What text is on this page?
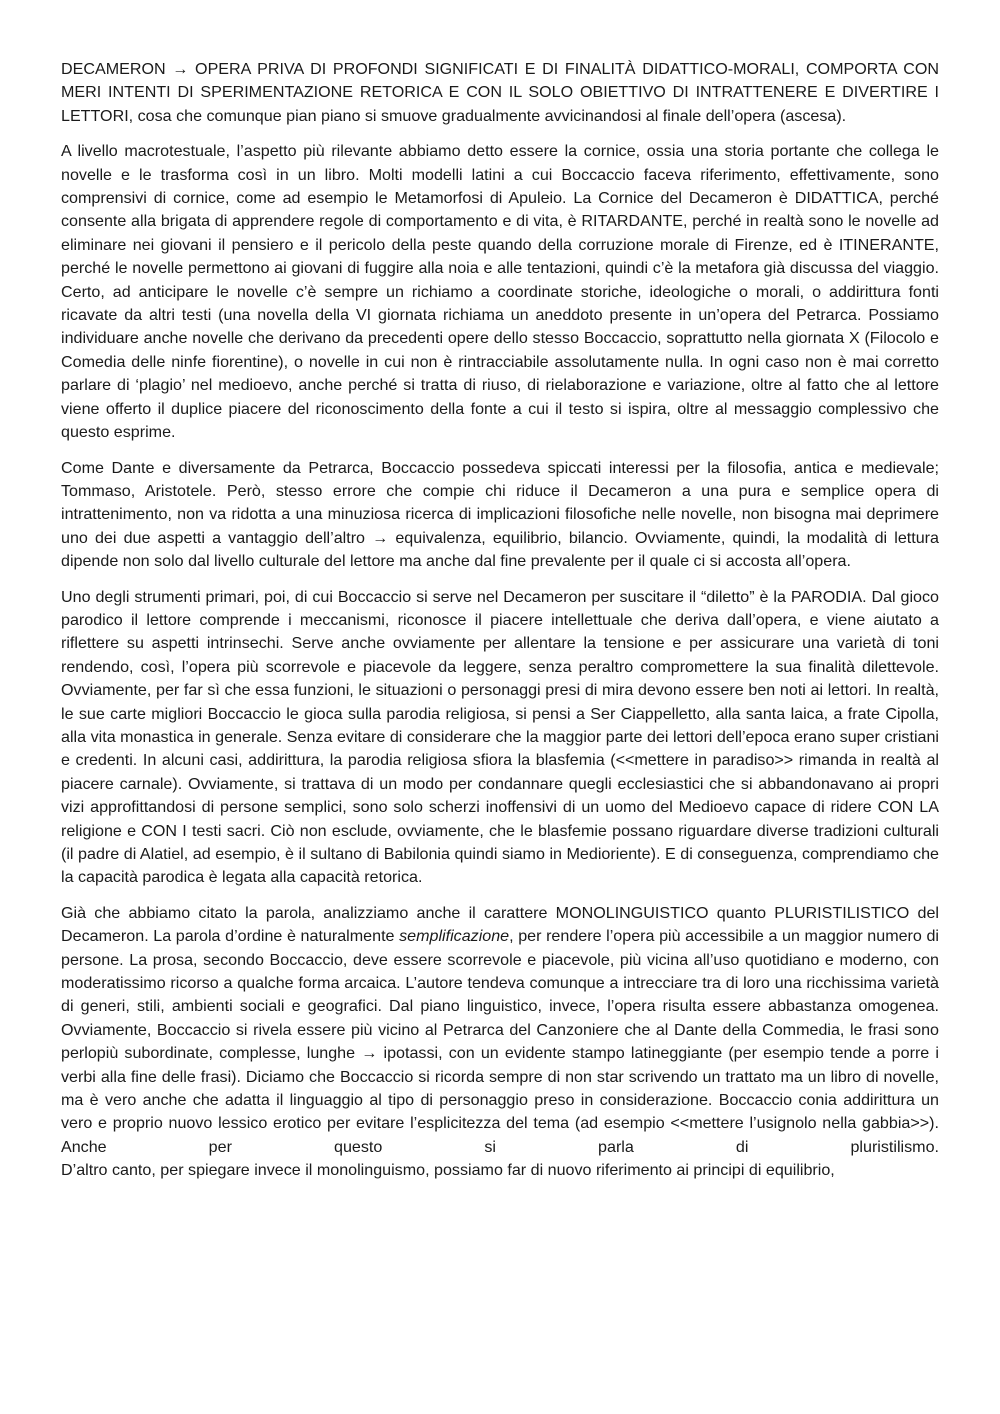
DECAMERON → OPERA PRIVA DI PROFONDI SIGNIFICATI E DI FINALITÀ DIDATTICO-MORALI, COMPORTA CON MERI INTENTI DI SPERIMENTAZIONE RETORICA E CON IL SOLO OBIETTIVO DI INTRATTENERE E DIVERTIRE I LETTORI, cosa che comunque pian piano si smuove gradualmente avvicinandosi al finale dell’opera (ascesa).

A livello macrotestuale, l’aspetto più rilevante abbiamo detto essere la cornice, ossia una storia portante che collega le novelle e le trasforma così in un libro. Molti modelli latini a cui Boccaccio faceva riferimento, effettivamente, sono comprensivi di cornice, come ad esempio le Metamorfosi di Apuleio. La Cornice del Decameron è DIDATTICA, perché consente alla brigata di apprendere regole di comportamento e di vita, è RITARDANTE, perché in realtà sono le novelle ad eliminare nei giovani il pensiero e il pericolo della peste quando della corruzione morale di Firenze, ed è ITINERANTE, perché le novelle permettono ai giovani di fuggire alla noia e alle tentazioni, quindi c’è la metafora già discussa del viaggio. Certo, ad anticipare le novelle c’è sempre un richiamo a coordinate storiche, ideologiche o morali, o addirittura fonti ricavate da altri testi (una novella della VI giornata richiama un aneddoto presente in un’opera del Petrarca. Possiamo individuare anche novelle che derivano da precedenti opere dello stesso Boccaccio, soprattutto nella giornata X (Filocolo e Comedia delle ninfe fiorentine), o novelle in cui non è rintracciabile assolutamente nulla. In ogni caso non è mai corretto parlare di ‘plagio’ nel medioevo, anche perché si tratta di riuso, di rielaborazione e variazione, oltre al fatto che al lettore viene offerto il duplice piacere del riconoscimento della fonte a cui il testo si ispira, oltre al messaggio complessivo che questo esprime.

Come Dante e diversamente da Petrarca, Boccaccio possedeva spiccati interessi per la filosofia, antica e medievale; Tommaso, Aristotele. Però, stesso errore che compie chi riduce il Decameron a una pura e semplice opera di intrattenimento, non va ridotta a una minuziosa ricerca di implicazioni filosofiche nelle novelle, non bisogna mai deprimere uno dei due aspetti a vantaggio dell’altro → equivalenza, equilibrio, bilancio. Ovviamente, quindi, la modalità di lettura dipende non solo dal livello culturale del lettore ma anche dal fine prevalente per il quale ci si accosta all’opera.

Uno degli strumenti primari, poi, di cui Boccaccio si serve nel Decameron per suscitare il “diletto” è la PARODIA. Dal gioco parodico il lettore comprende i meccanismi, riconosce il piacere intellettuale che deriva dall’opera, e viene aiutato a riflettere su aspetti intrinsechi. Serve anche ovviamente per allentare la tensione e per assicurare una varietà di toni rendendo, così, l’opera più scorrevole e piacevole da leggere, senza peraltro compromettere la sua finalità dilettevole. Ovviamente, per far sì che essa funzioni, le situazioni o personaggi presi di mira devono essere ben noti ai lettori. In realtà, le sue carte migliori Boccaccio le gioca sulla parodia religiosa, si pensi a Ser Ciappelletto, alla santa laica, a frate Cipolla, alla vita monastica in generale. Senza evitare di considerare che la maggior parte dei lettori dell’epoca erano super cristiani e credenti. In alcuni casi, addirittura, la parodia religiosa sfiora la blasfemia (<<mettere in paradiso>> rimanda in realtà al piacere carnale). Ovviamente, si trattava di un modo per condannare quegli ecclesiastici che si abbandonavano ai propri vizi approfittandosi di persone semplici, sono solo scherzi inoffensivi di un uomo del Medioevo capace di ridere CON LA religione e CON I testi sacri. Ciò non esclude, ovviamente, che le blasfemie possano riguardare diverse tradizioni culturali (il padre di Alatiel, ad esempio, è il sultano di Babilonia quindi siamo in Medioriente). E di conseguenza, comprendiamo che la capacità parodica è legata alla capacità retorica.

Già che abbiamo citato la parola, analizziamo anche il carattere MONOLINGUISTICO quanto PLURISTILISTICO del Decameron. La parola d’ordine è naturalmente semplificazione, per rendere l’opera più accessibile a un maggior numero di persone. La prosa, secondo Boccaccio, deve essere scorrevole e piacevole, più vicina all’uso quotidiano e moderno, con moderatissimo ricorso a qualche forma arcaica. L’autore tendeva comunque a intrecciare tra di loro una ricchissima varietà di generi, stili, ambienti sociali e geografici. Dal piano linguistico, invece, l’opera risulta essere abbastanza omogenea. Ovviamente, Boccaccio si rivela essere più vicino al Petrarca del Canzoniere che al Dante della Commedia, le frasi sono perlopiù subordinate, complesse, lunghe → ipotassi, con un evidente stampo latineggiante (per esempio tende a porre i verbi alla fine delle frasi). Diciamo che Boccaccio si ricorda sempre di non star scrivendo un trattato ma un libro di novelle, ma è vero anche che adatta il linguaggio al tipo di personaggio preso in considerazione. Boccaccio conia addirittura un vero e proprio nuovo lessico erotico per evitare l’esplicitezza del tema (ad esempio <<mettere l’usignolo nella gabbia>>). Anche per questo si parla di pluristilismo.

D’altro canto, per spiegare invece il monolinguismo, possiamo far di nuovo riferimento ai principi di equilibrio,
